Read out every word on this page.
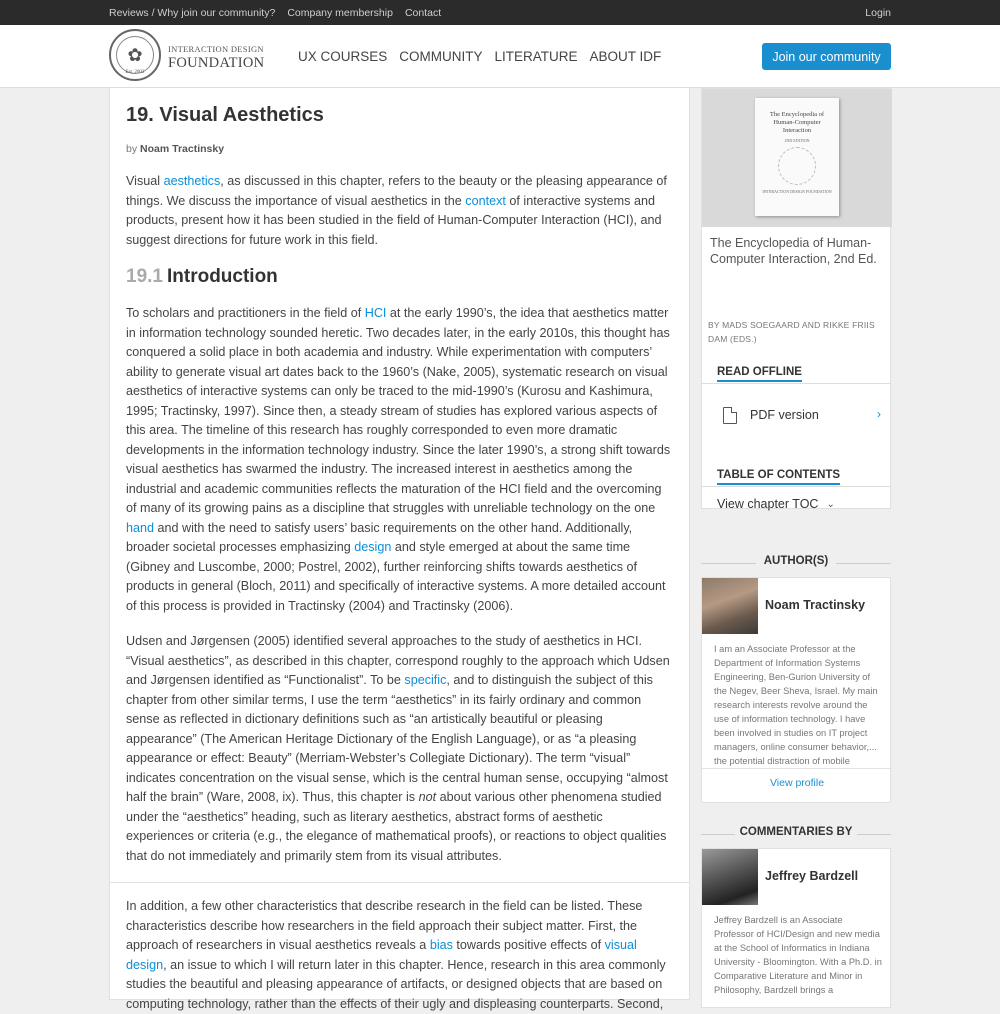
Reviews / Why join our community? Company membership Contact	Login
✿
Est. 2002
INTERACTION DESIGN
FOUNDATION UX COURSES COMMUNITY LITERATURE ABOUT IDF	Join our community
19. Visual Aesthetics
by Noam Tractinsky

Visual aesthetics, as discussed in this chapter, refers to the beauty or the pleasing appearance of things. We discuss the importance of visual aesthetics in the context of interactive systems and products, present how it has been studied in the field of Human-Computer Interaction (HCI), and suggest directions for future work in this field.

19.1 Introduction

To scholars and practitioners in the field of HCI at the early 1990’s, the idea that aesthetics matter in information technology sounded heretic. Two decades later, in the early 2010s, this thought has conquered a solid place in both academia and industry. While experimentation with computers’ ability to generate visual art dates back to the 1960’s (Nake, 2005), systematic research on visual aesthetics of interactive systems can only be traced to the mid-1990’s (Kurosu and Kashimura, 1995; Tractinsky, 1997). Since then, a steady stream of studies has explored various aspects of this area. The timeline of this research has roughly corresponded to even more dramatic developments in the information technology industry. Since the later 1990’s, a strong shift towards visual aesthetics has swarmed the industry. The increased interest in aesthetics among the industrial and academic communities reflects the maturation of the HCI field and the overcoming of many of its growing pains as a discipline that struggles with unreliable technology on the one hand and with the need to satisfy users’ basic requirements on the other hand. Additionally, broader societal processes emphasizing design and style emerged at about the same time (Gibney and Luscombe, 2000; Postrel, 2002), further reinforcing shifts towards aesthetics of products in general (Bloch, 2011) and specifically of interactive systems. A more detailed account of this process is provided in Tractinsky (2004) and Tractinsky (2006).

Udsen and Jørgensen (2005) identified several approaches to the study of aesthetics in HCI. “Visual aesthetics”, as described in this chapter, correspond roughly to the approach which Udsen and Jørgensen identified as “Functionalist”. To be specific, and to distinguish the subject of this chapter from other similar terms, I use the term “aesthetics” in its fairly ordinary and common sense as reflected in dictionary definitions such as “an artistically beautiful or pleasing appearance” (The American Heritage Dictionary of the English Language), or as “a pleasing appearance or effect: Beauty” (Merriam-Webster’s Collegiate Dictionary). The term “visual” indicates concentration on the visual sense, which is the central human sense, occupying “almost half the brain” (Ware, 2008, ix). Thus, this chapter is not about various other phenomena studied under the “aesthetics” heading, such as literary aesthetics, abstract forms of aesthetic experiences or criteria (e.g., the elegance of mathematical proofs), or reactions to object qualities that do not immediately and primarily stem from its visual attributes.

In addition, a few other characteristics that describe research in the field can be listed. These characteristics describe how researchers in the field approach their subject matter. First, the approach of researchers in visual aesthetics reveals a bias towards positive effects of visual design, an issue to which I will return later in this chapter. Hence, research in this area commonly studies the beautiful and pleasing appearance of artifacts, or designed objects that are based on computing technology, rather than the effects of their ugly and displeasing counterparts. Second,

The Encyclopedia of Human-Computer Interaction
2ND EDITION
INTERACTION DESIGN FOUNDATION
The Encyclopedia of Human-Computer Interaction, 2nd Ed.
BY MADS SOEGAARD AND RIKKE FRIIS DAM (EDS.)
READ OFFLINE
PDF version	›
TABLE OF CONTENTS
View chapter TOC ⌄
AUTHOR(S)
Noam Tractinsky
I am an Associate Professor at the Department of Information Systems Engineering, Ben-Gurion University of the Negev, Beer Sheva, Israel. My main research interests revolve around the use of information technology. I have been involved in studies on IT project managers, online consumer behavior,... the potential distraction of mobile
View profile
COMMENTARIES BY
Jeffrey Bardzell
Jeffrey Bardzell is an Associate Professor of HCI/Design and new media at the School of Informatics in Indiana University - Bloomington. With a Ph.D. in Comparative Literature and Minor in Philosophy, Bardzell brings a
